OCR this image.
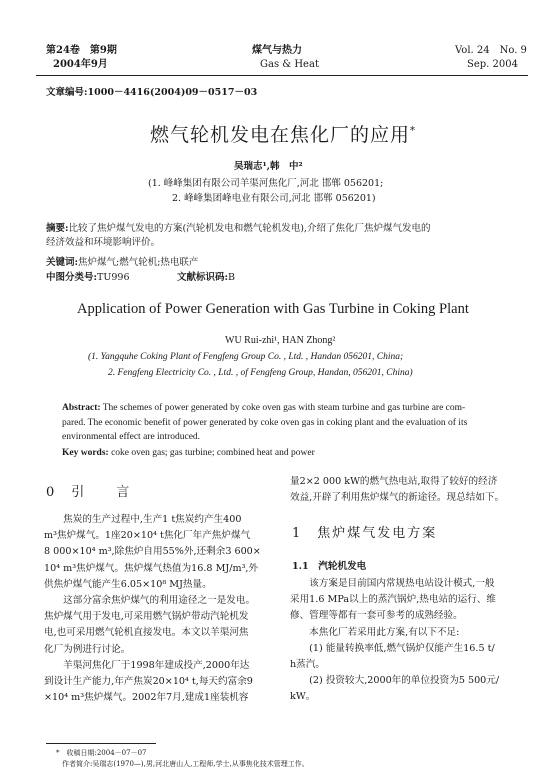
第24卷　第9期
2004年9月
煤气与热力
Gas & Heat
Vol. 24　No. 9
Sep. 2004
文章编号:1000－4416(2004)09－0517－03
燃气轮机发电在焦化厂的应用*
吴瑞志¹,韩　中²
(1. 峰峰集团有限公司羊渠河焦化厂,河北 邯郸 056201;
2. 峰峰集团峰电业有限公司,河北 邯郸 056201)
摘要:比较了焦炉煤气发电的方案(汽轮机发电和燃气轮机发电),介绍了焦化厂焦炉煤气发电的
经济效益和环境影响评价。
关键词:焦炉煤气;燃气轮机;热电联产
中图分类号:TU996	文献标识码:B
Application of Power Generation with Gas Turbine in Coking Plant
WU Rui-zhi¹, HAN Zhong²
(1. Yangquhe Coking Plant of Fengfeng Group Co. , Ltd. , Handan 056201, China;
2. Fengfeng Electricity Co. , Ltd. , of Fengfeng Group, Handan, 056201, China)
Abstract: The schemes of power generated by coke oven gas with steam turbine and gas turbine are com-
pared. The economic benefit of power generated by coke oven gas in coking plant and the evaluation of its
environmental effect are introduced.
Key words: coke oven gas; gas turbine; combined heat and power
0　引　　言

　　焦炭的生产过程中,生产1 t焦炭约产生400

m³焦炉煤气。1座20×10⁴ t焦化厂年产焦炉煤气

8 000×10⁴ m³,除焦炉自用55%外,还剩余3 600×

10⁴ m³焦炉煤气。焦炉煤气热值为16.8 MJ/m³,外

供焦炉煤气能产生6.05×10⁸ MJ热量。

　　这部分富余焦炉煤气的利用途径之一是发电。

焦炉煤气用于发电,可采用燃气锅炉带动汽轮机发

电,也可采用燃气轮机直接发电。本文以羊渠河焦

化厂为例进行讨论。

　　羊渠河焦化厂于1998年建成投产,2000年达

到设计生产能力,年产焦炭20×10⁴ t,每天约富余9

×10⁴ m³焦炉煤气。2002年7月,建成1座装机容

量2×2 000 kW的燃气热电站,取得了较好的经济

效益,开辟了利用焦炉煤气的新途径。现总结如下。

1　焦炉煤气发电方案
1.1　汽轮机发电

　　该方案是目前国内常规热电站设计模式,一般

采用1.6 MPa以上的蒸汽锅炉,热电站的运行、维

修、管理等都有一套可参考的成熟经验。

　　本焦化厂若采用此方案,有以下不足:

　　(1) 能量转换率低,燃气锅炉仅能产生16.5 t/

h蒸汽。

　　(2) 投资较大,2000年的单位投资为5 500元/

kW。

*　收稿日期:2004－07－07
作者简介:吴瑞志(1970—),男,河北唐山人,工程师,学士,从事焦化技术管理工作。
